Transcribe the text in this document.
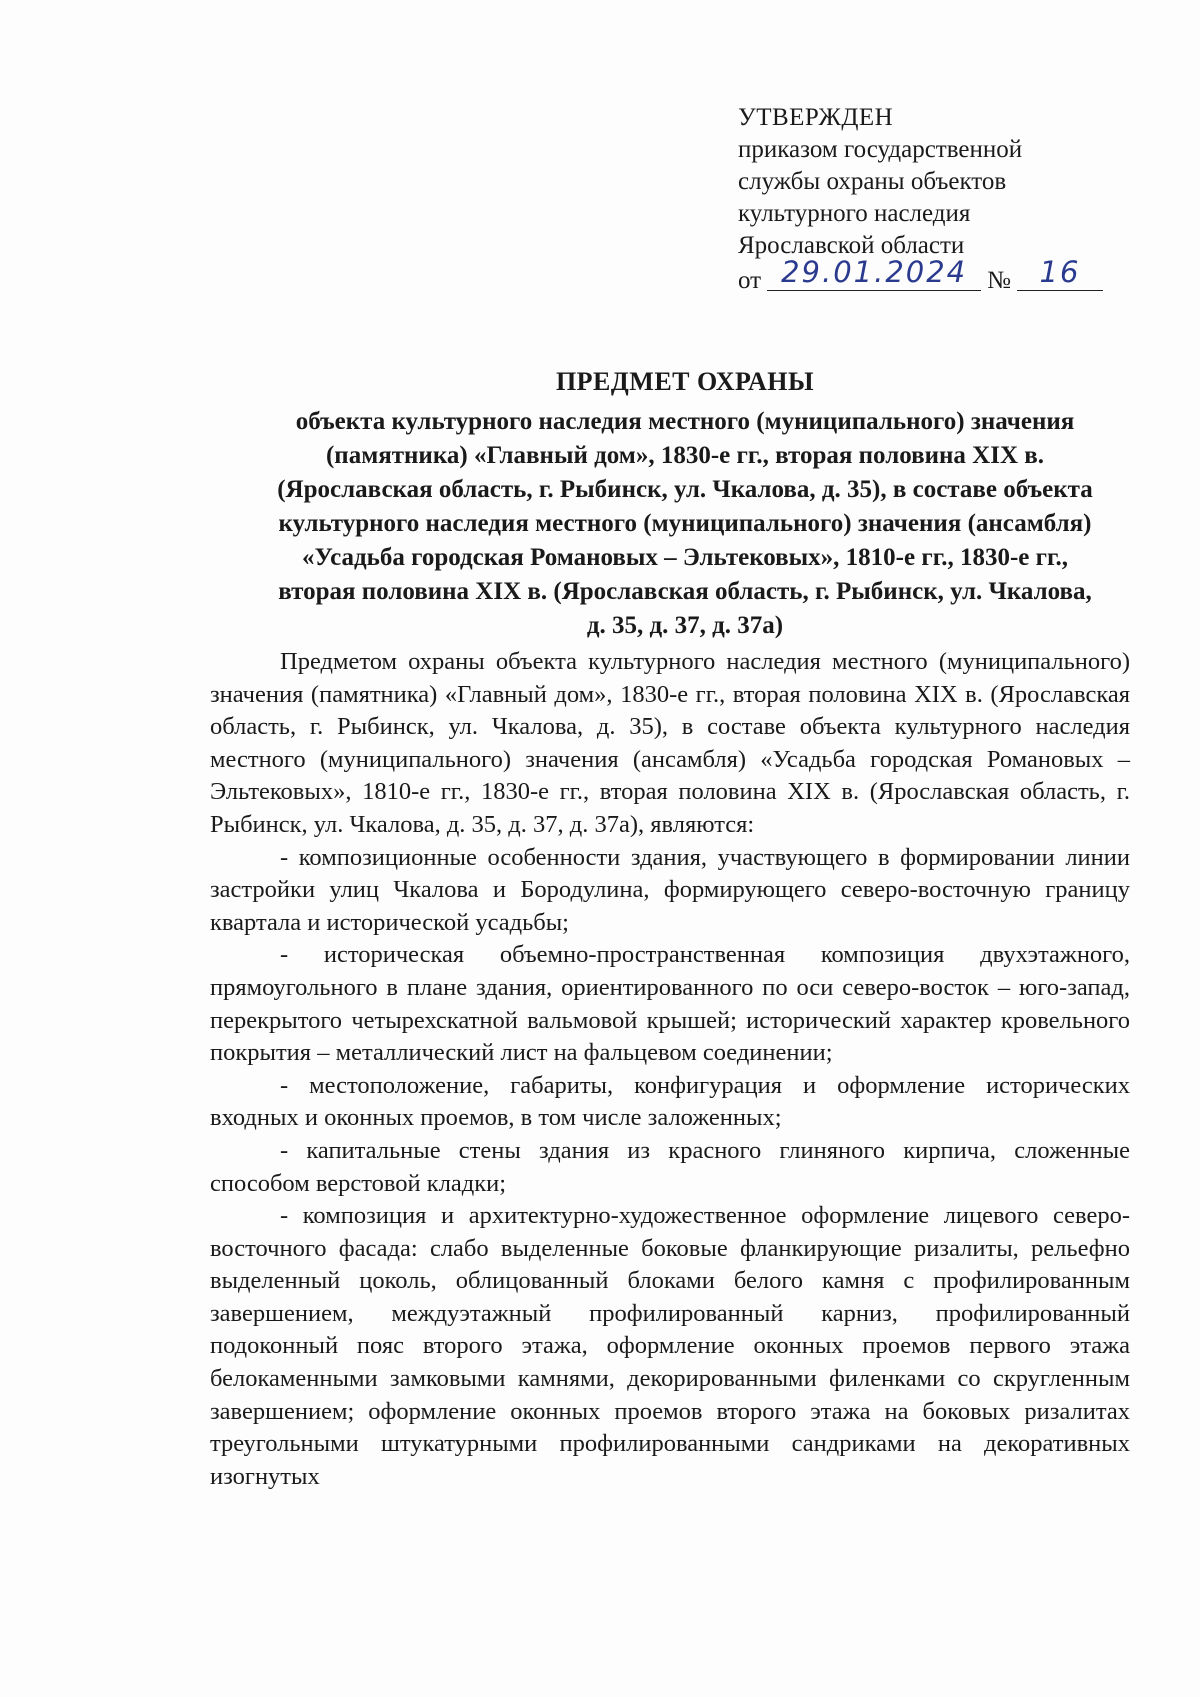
УТВЕРЖДЕН
приказом государственной
службы охраны объектов
культурного наследия
Ярославской области
от 29.01.2024 № 16
ПРЕДМЕТ ОХРАНЫ
объекта культурного наследия местного (муниципального) значения
(памятника) «Главный дом», 1830-е гг., вторая половина XIX в.
(Ярославская область, г. Рыбинск, ул. Чкалова, д. 35), в составе объекта
культурного наследия местного (муниципального) значения (ансамбля)
«Усадьба городская Романовых – Эльтековых», 1810-е гг., 1830-е гг.,
вторая половина XIX в. (Ярославская область, г. Рыбинск, ул. Чкалова,
д. 35, д. 37, д. 37а)

Предметом охраны объекта культурного наследия местного (муниципального) значения (памятника) «Главный дом», 1830-е гг., вторая половина XIX в. (Ярославская область, г. Рыбинск, ул. Чкалова, д. 35), в составе объекта культурного наследия местного (муниципального) значения (ансамбля) «Усадьба городская Романовых – Эльтековых», 1810-е гг., 1830-е гг., вторая половина XIX в. (Ярославская область, г. Рыбинск, ул. Чкалова, д. 35, д. 37, д. 37а), являются:

- композиционные особенности здания, участвующего в формировании линии застройки улиц Чкалова и Бородулина, формирующего северо-восточную границу квартала и исторической усадьбы;

- историческая объемно-пространственная композиция двухэтажного, прямоугольного в плане здания, ориентированного по оси северо-восток – юго-запад, перекрытого четырехскатной вальмовой крышей; исторический характер кровельного покрытия – металлический лист на фальцевом соединении;

- местоположение, габариты, конфигурация и оформление исторических входных и оконных проемов, в том числе заложенных;

- капитальные стены здания из красного глиняного кирпича, сложенные способом верстовой кладки;

- композиция и архитектурно-художественное оформление лицевого северо-восточного фасада: слабо выделенные боковые фланкирующие ризалиты, рельефно выделенный цоколь, облицованный блоками белого камня с профилированным завершением, междуэтажный профилированный карниз, профилированный подоконный пояс второго этажа, оформление оконных проемов первого этажа белокаменными замковыми камнями, декорированными филенками со скругленным завершением; оформление оконных проемов второго этажа на боковых ризалитах треугольными штукатурными профилированными сандриками на декоративных изогнутых
